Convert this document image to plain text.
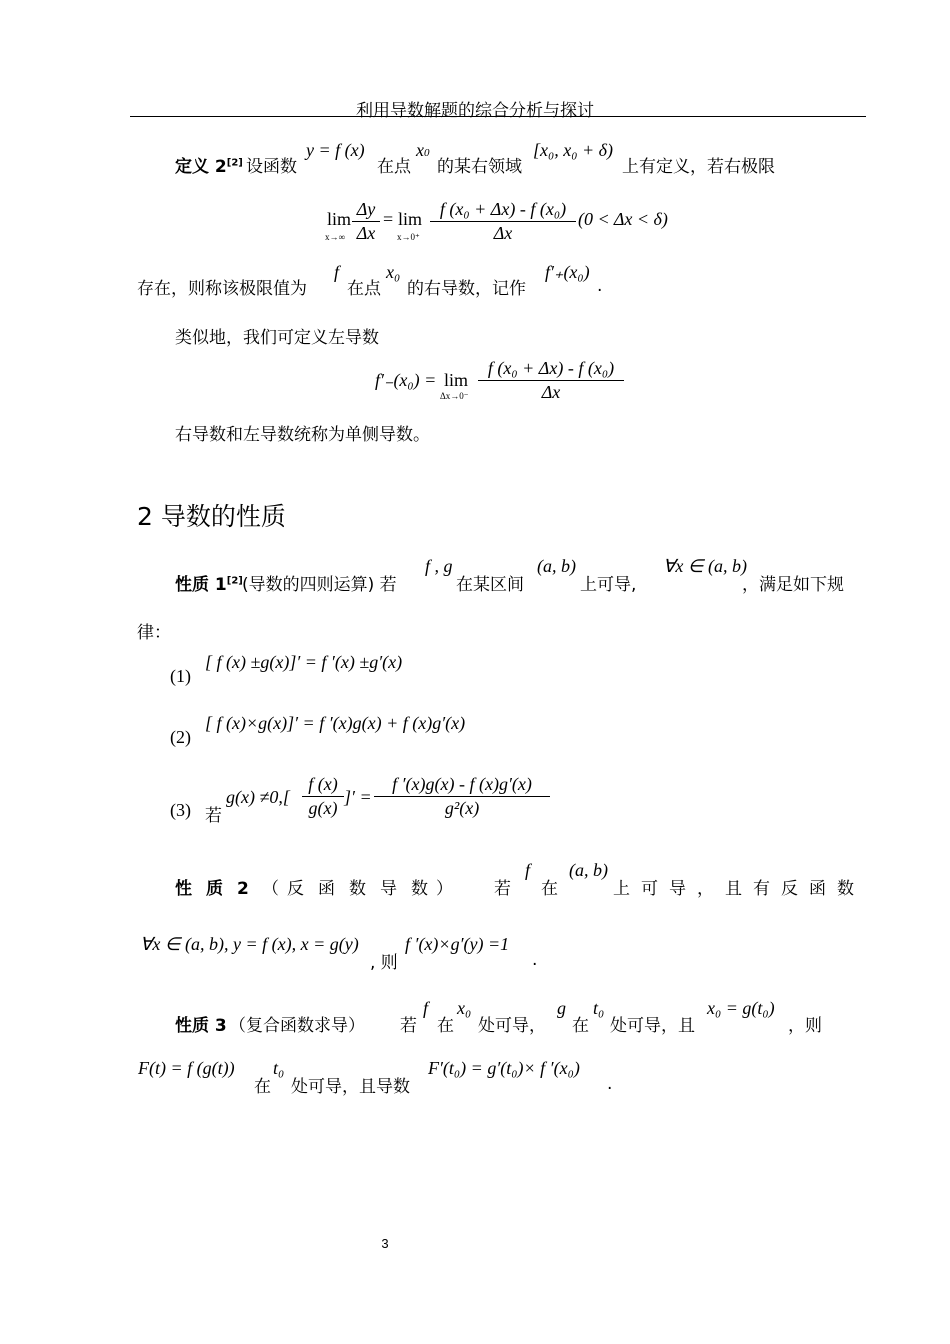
利用导数解题的综合分析与探讨
定义 2[2] 设函数
y = f (x)
在点
x0
的某右领域
[x₀, x₀ + δ)
上有定义，若右极限
lim
$x\to\infty \frac{\Delta y}{\Delta x} = \lim$
$x\to 0^+ \frac{\text{f (x₀ + Δx) - f (x₀)}}{\Delta x} (0 < \Delta x < \delta)$
存在，则称该极限值为
f
在点
x₀
的右导数，记作
f′₊(x₀)
.
类似地，我们可定义左导数
f′₋(x₀) = lim
$\Delta x\to 0^- \frac{\text{f (x₀ + Δx) - f (x₀)}}{\Delta x}$
右导数和左导数统称为单侧导数。
2 导数的性质
性质 1[2] (导数的四则运算) 若
f , g
在某区间
(a, b)
上可导,
∀x ∈ (a, b)
，满足如下规
律：
(1)
[ f (x) ±g(x)]′ = f ′(x) ±g′(x)
(2)
[ f (x)×g(x)]′ = f ′(x)g(x) + f (x)g′(x)
(3) 若
$g(x) \ne 0,[ \frac{f (x)}{g(x)}$ ]′ = $\frac{f '(x)g(x) - f (x)g'(x)}{\text{g²(x)}}$
性 质 2 （ 反 函 数 导 数 ） 若
f
在
(a, b)
上 可 导 ， 且 有 反 函 数
∀x ∈ (a, b), y = f (x), x = g(y)
, 则
f ′(x)×g′(y) =1
.
性质 3 （复合函数求导） 若
f
在
x₀
处可导，
g
在
t₀
处可导，且
x₀ = g(t₀)
，则
F(t) = f (g(t))
在
t₀
处可导，且导数
F′(t₀) = g′(t₀)× f ′(x₀)
.
3
